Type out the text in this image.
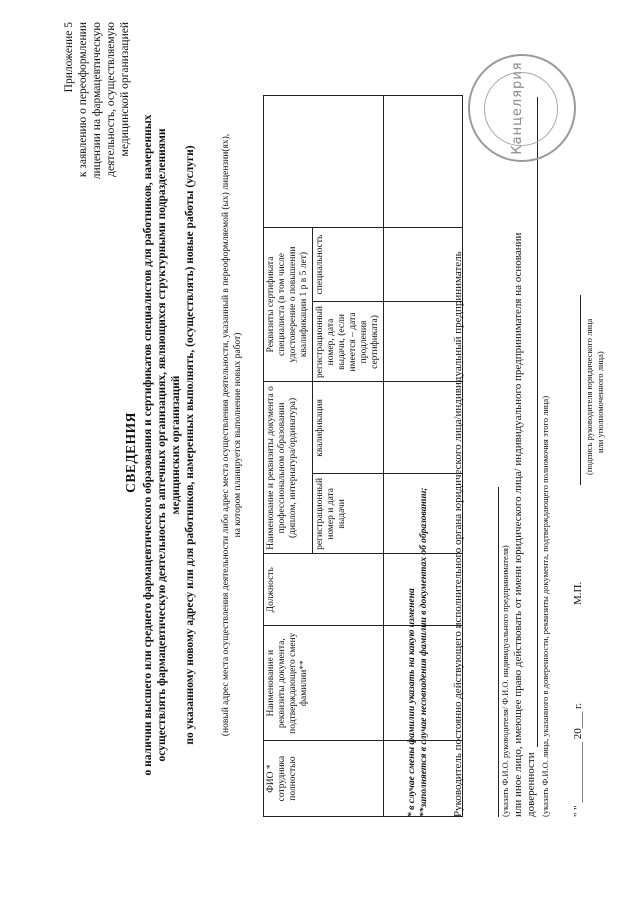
Приложение 5 к заявлению о переоформлении лицензии на фармацевтическую деятельность, осуществляемую медицинской организацией
СВЕДЕНИЯ о наличии высшего или среднего фармацевтического образования и сертификатов специалистов для работников, намеренных осуществлять фармацевтическую деятельность в аптечных организациях, являющихся структурными подразделениями медицинских организаций по указанному новому адресу или для работников, намеренных выполнять, (осуществлять) новые работы (услуги)	(новый адрес места осуществления деятельности либо адрес места осуществления деятельности, указанный в переоформляемой (ых) лицензии(ях), на котором планируется выполнение новых работ)
ФИО * сотрудника полностью	Наименование и реквизиты документа, подтверждающего смену фамилии**	Должность	Наименование и реквизиты документа о профессиональном образовании (диплом, интернатура/ординатура)		Реквизиты сертификата специалиста (в том числе удостоверение о повышении квалификации 1 р в 5 лет)		
			регистрационный номер и дата выдачи	квалификация	регистрационный номер, дата выдачи, (если имеется – дата продления сертификата)	специальность	

* в случае смены фамилии указать на какую изменена **заполняется в случае несовпадения фамилии в документах об образовании; Руководитель постоянно действующего исполнительного органа юридического лица/индивидуальный предприниматель	(указать Ф.И.О. руководителя/ Ф.И.О. индивидуального предпринимателя) или иное лицо, имеющее право действовать от имени юридического лица/ индивидуального предпринимателя на основании доверенности (указать Ф.И.О. лица, указанного в доверенности, реквизиты документа, подтверждающего полномочия этого лица) " " ___________ 20___ г.
М.П.
(подпись руководителя юридического лица или уполномоченного лица)
Канцелярия
